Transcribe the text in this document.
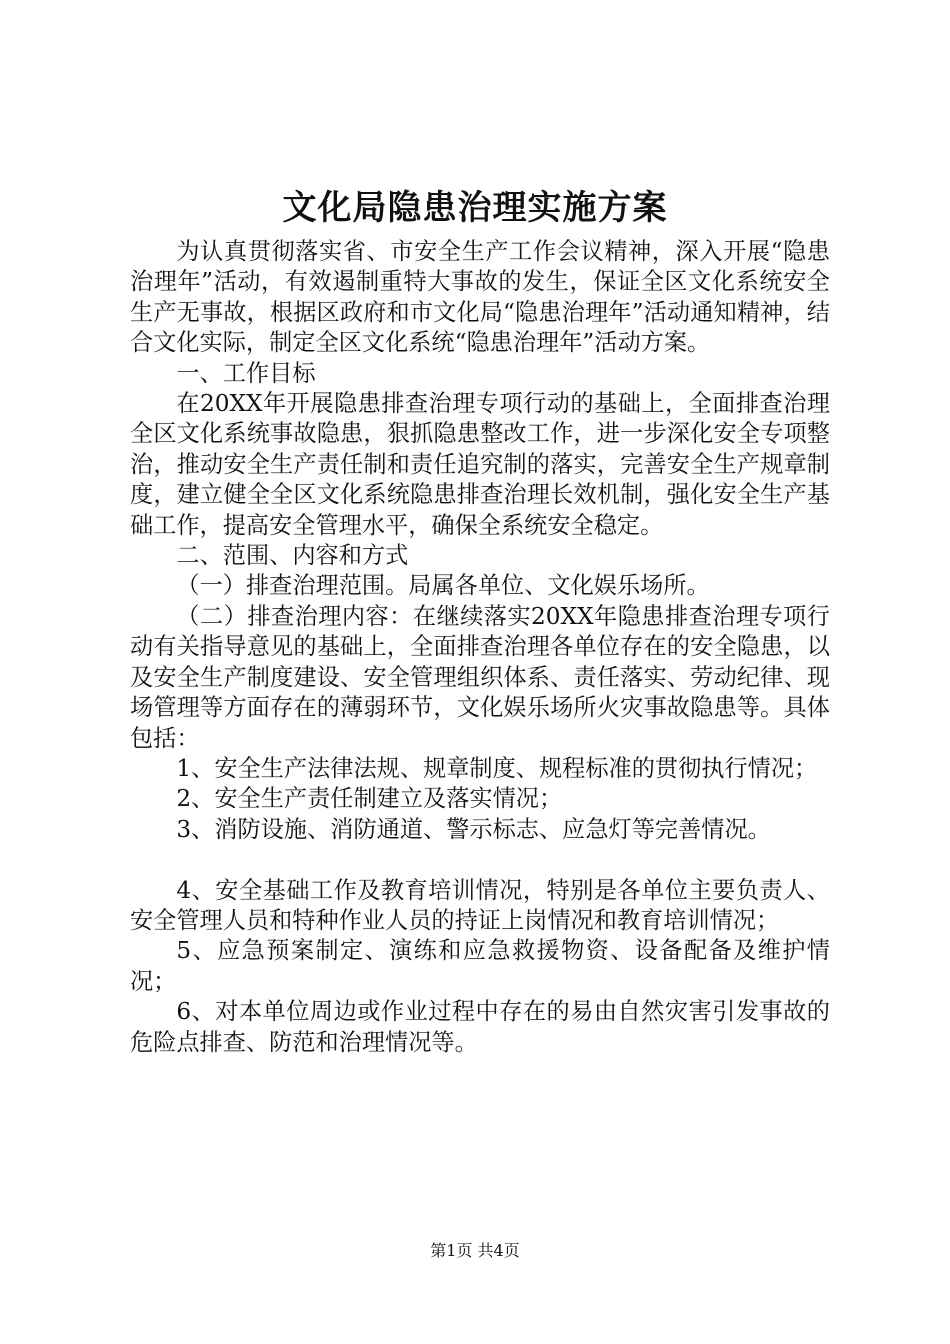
文化局隐患治理实施方案

为认真贯彻落实省、市安全生产工作会议精神，深入开展“隐患治理年”活动，有效遏制重特大事故的发生，保证全区文化系统安全生产无事故，根据区政府和市文化局“隐患治理年”活动通知精神，结合文化实际，制定全区文化系统“隐患治理年”活动方案。

一、工作目标

在20XX年开展隐患排查治理专项行动的基础上，全面排查治理全区文化系统事故隐患，狠抓隐患整改工作，进一步深化安全专项整治，推动安全生产责任制和责任追究制的落实，完善安全生产规章制度，建立健全全区文化系统隐患排查治理长效机制，强化安全生产基础工作，提高安全管理水平，确保全系统安全稳定。

二、范围、内容和方式

（一）排查治理范围。局属各单位、文化娱乐场所。

（二）排查治理内容：在继续落实20XX年隐患排查治理专项行动有关指导意见的基础上，全面排查治理各单位存在的安全隐患，以及安全生产制度建设、安全管理组织体系、责任落实、劳动纪律、现场管理等方面存在的薄弱环节，文化娱乐场所火灾事故隐患等。具体包括：

1、安全生产法律法规、规章制度、规程标准的贯彻执行情况；

2、安全生产责任制建立及落实情况；

3、消防设施、消防通道、警示标志、应急灯等完善情况。

4、安全基础工作及教育培训情况，特别是各单位主要负责人、安全管理人员和特种作业人员的持证上岗情况和教育培训情况；

5、应急预案制定、演练和应急救援物资、设备配备及维护情况；

6、对本单位周边或作业过程中存在的易由自然灾害引发事故的危险点排查、防范和治理情况等。

第1页 共4页
